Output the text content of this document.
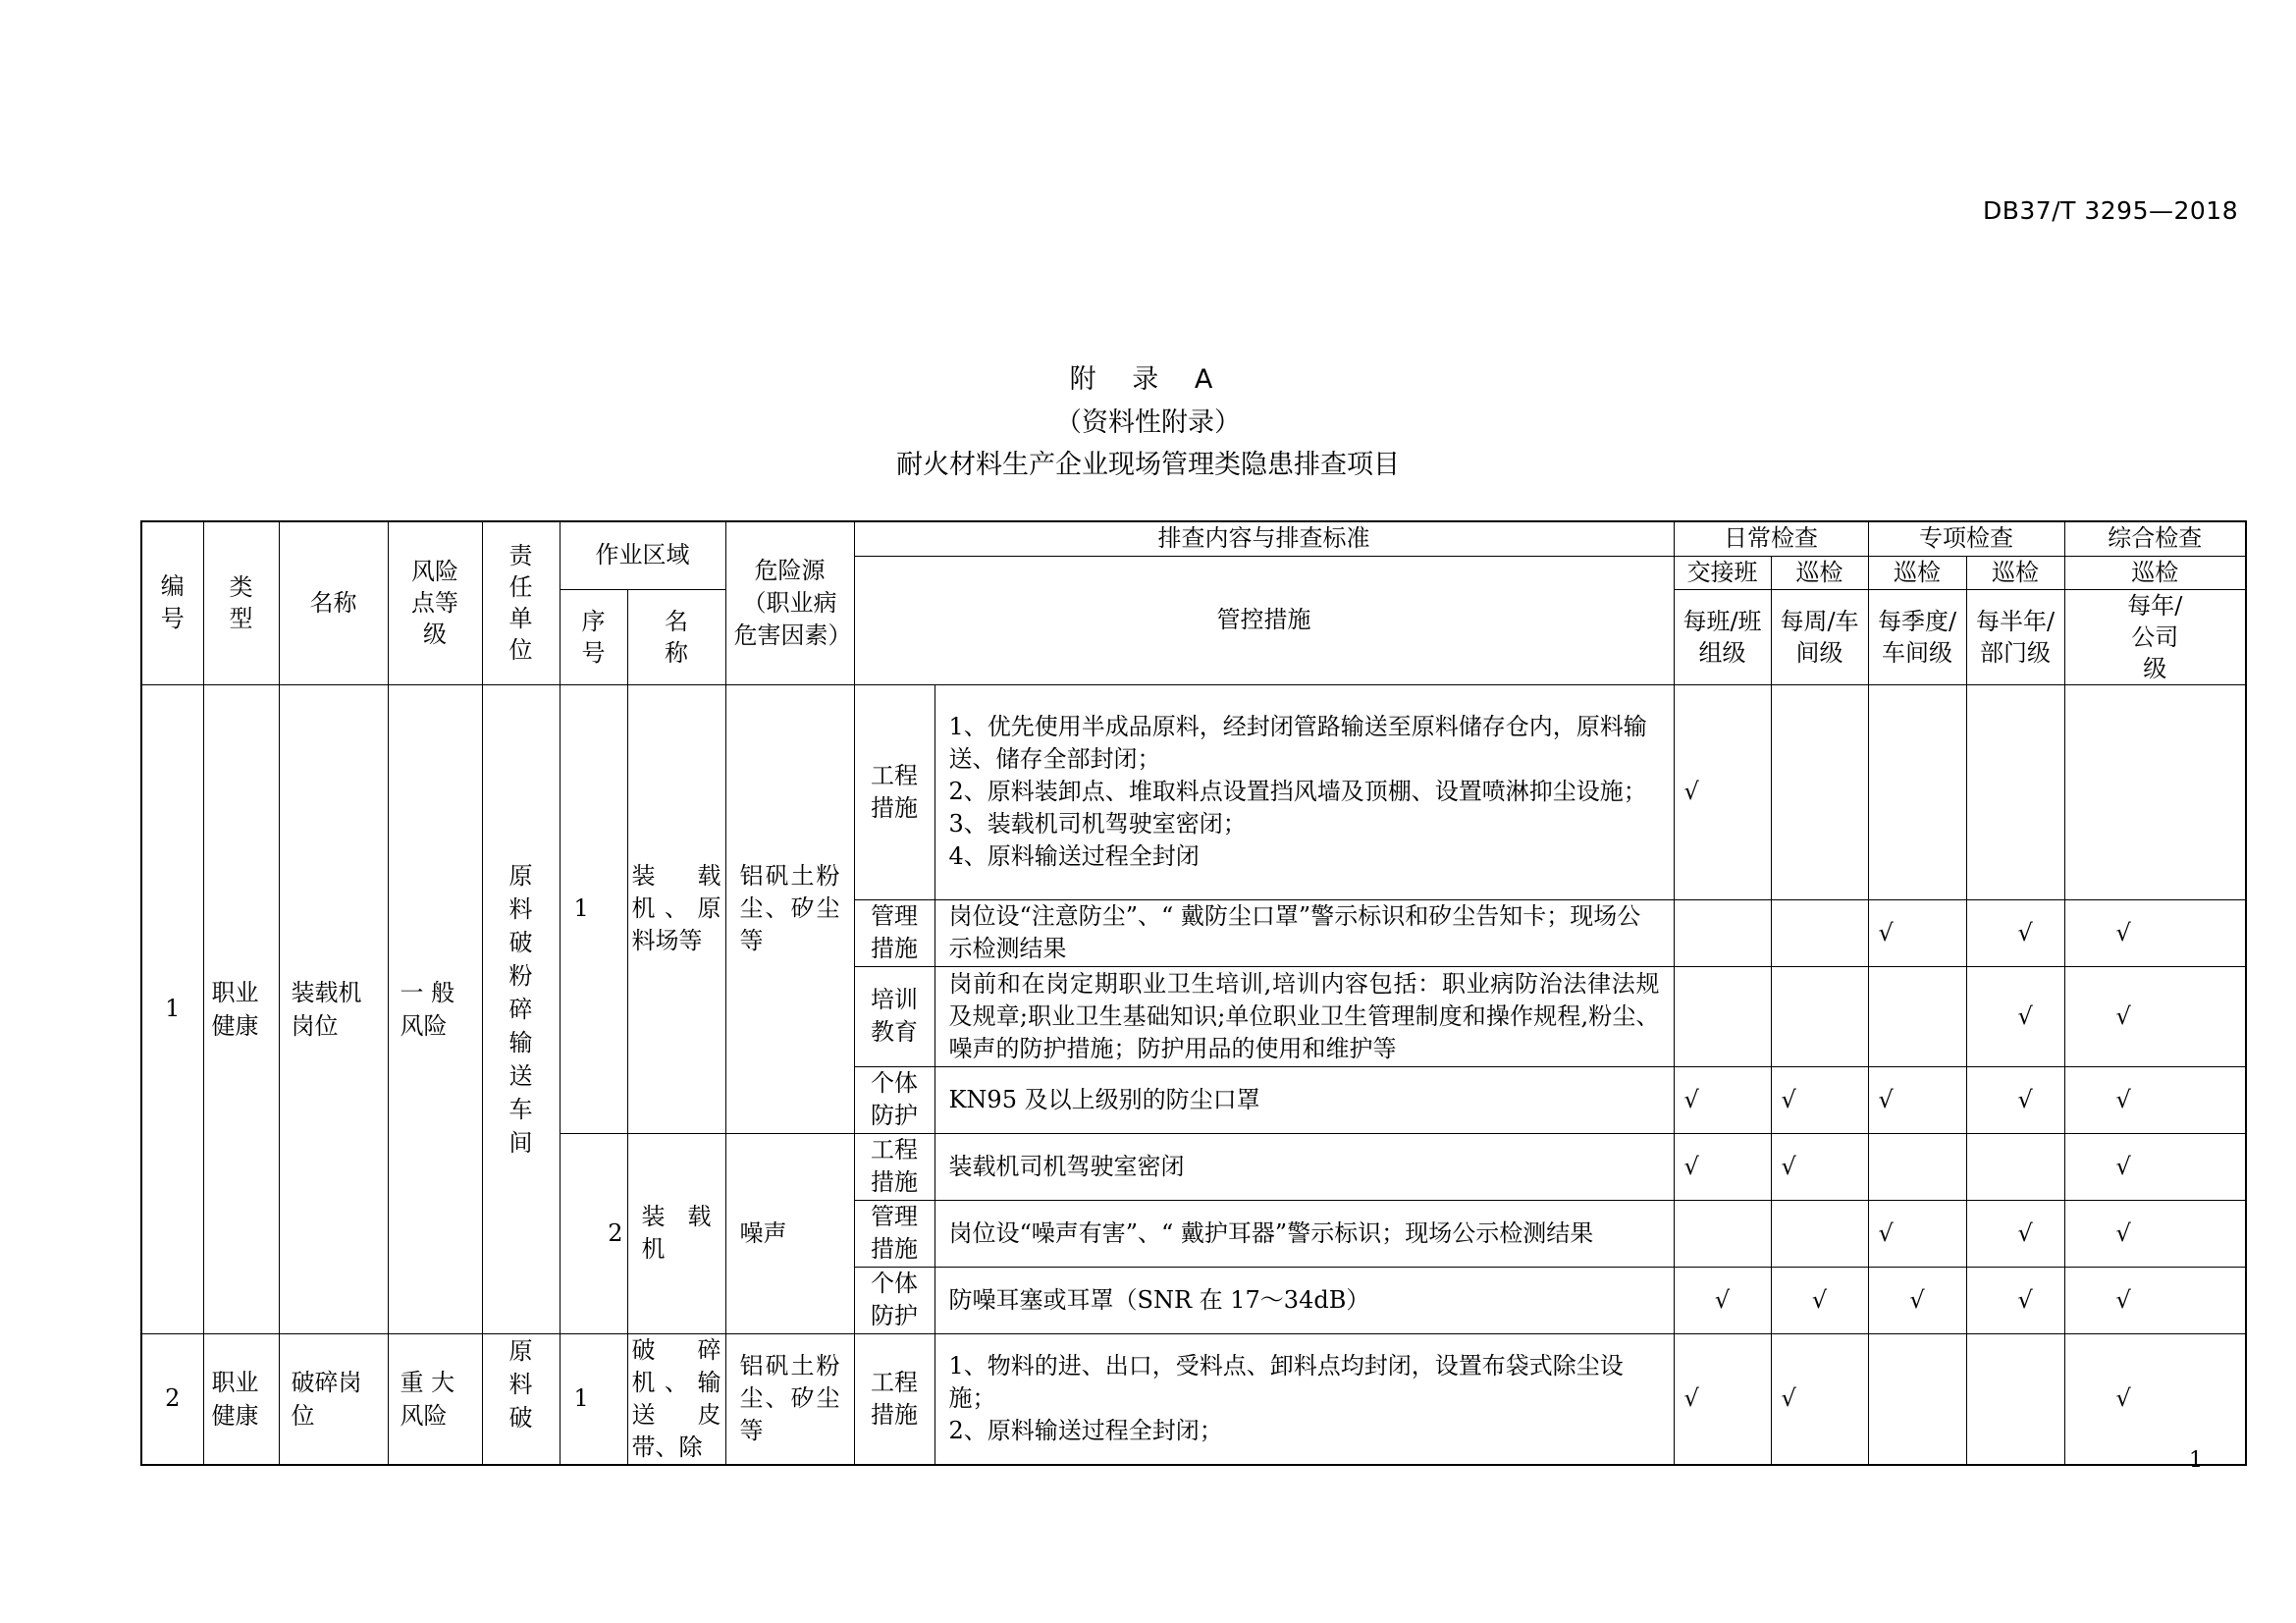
DB37/T 3295—2018
附 录 A
（资料性附录）
耐火材料生产企业现场管理类隐患排查项目
编号	类型	名称	风险点等级	责任单位	作业区域		危险源（职业病危害因素）	排查内容与排查标准		日常检查		专项检查		综合检查
								管控措施		交接班	巡检	巡检	巡检	巡检
					序号	名称				每班/班组级	每周/车间级	每季度/车间级	每半年/部门级	每年/公司级
1	职业健康	装载机岗位	一 般风险	原料破粉碎输送车间	1	装 载机、原料场等	铝矾土粉尘、矽尘等	工程措施	1、优先使用半成品原料，经封闭管路输送至原料储存仓内，原料输送、储存全部封闭；
2、原料装卸点、堆取料点设置挡风墙及顶棚、设置喷淋抑尘设施；
3、装载机司机驾驶室密闭；
4、原料输送过程全封闭	√				
								管理措施	岗位设“注意防尘”、“ 戴防尘口罩”警示标识和矽尘告知卡；现场公示检测结果			√	√	√
								培训教育	岗前和在岗定期职业卫生培训,培训内容包括：职业病防治法律法规及规章;职业卫生基础知识;单位职业卫生管理制度和操作规程,粉尘、噪声的防护措施；防护用品的使用和维护等				√	√
								个体防护	KN95 及以上级别的防尘口罩	√	√	√	√	√
					2	装 载机	噪声	工程措施	装载机司机驾驶室密闭	√	√			√
								管理措施	岗位设“噪声有害”、“ 戴护耳器”警示标识；现场公示检测结果			√	√	√
								个体防护	防噪耳塞或耳罩（SNR 在 17～34dB）	√	√	√	√	√
2	职业健康	破碎岗位	重 大风险	原料破	1	破 碎机、输送皮带、除	铝矾土粉尘、矽尘等	工程措施	1、物料的进、出口，受料点、卸料点均封闭，设置布袋式除尘设施；
2、原料输送过程全封闭；	√	√			√
1
